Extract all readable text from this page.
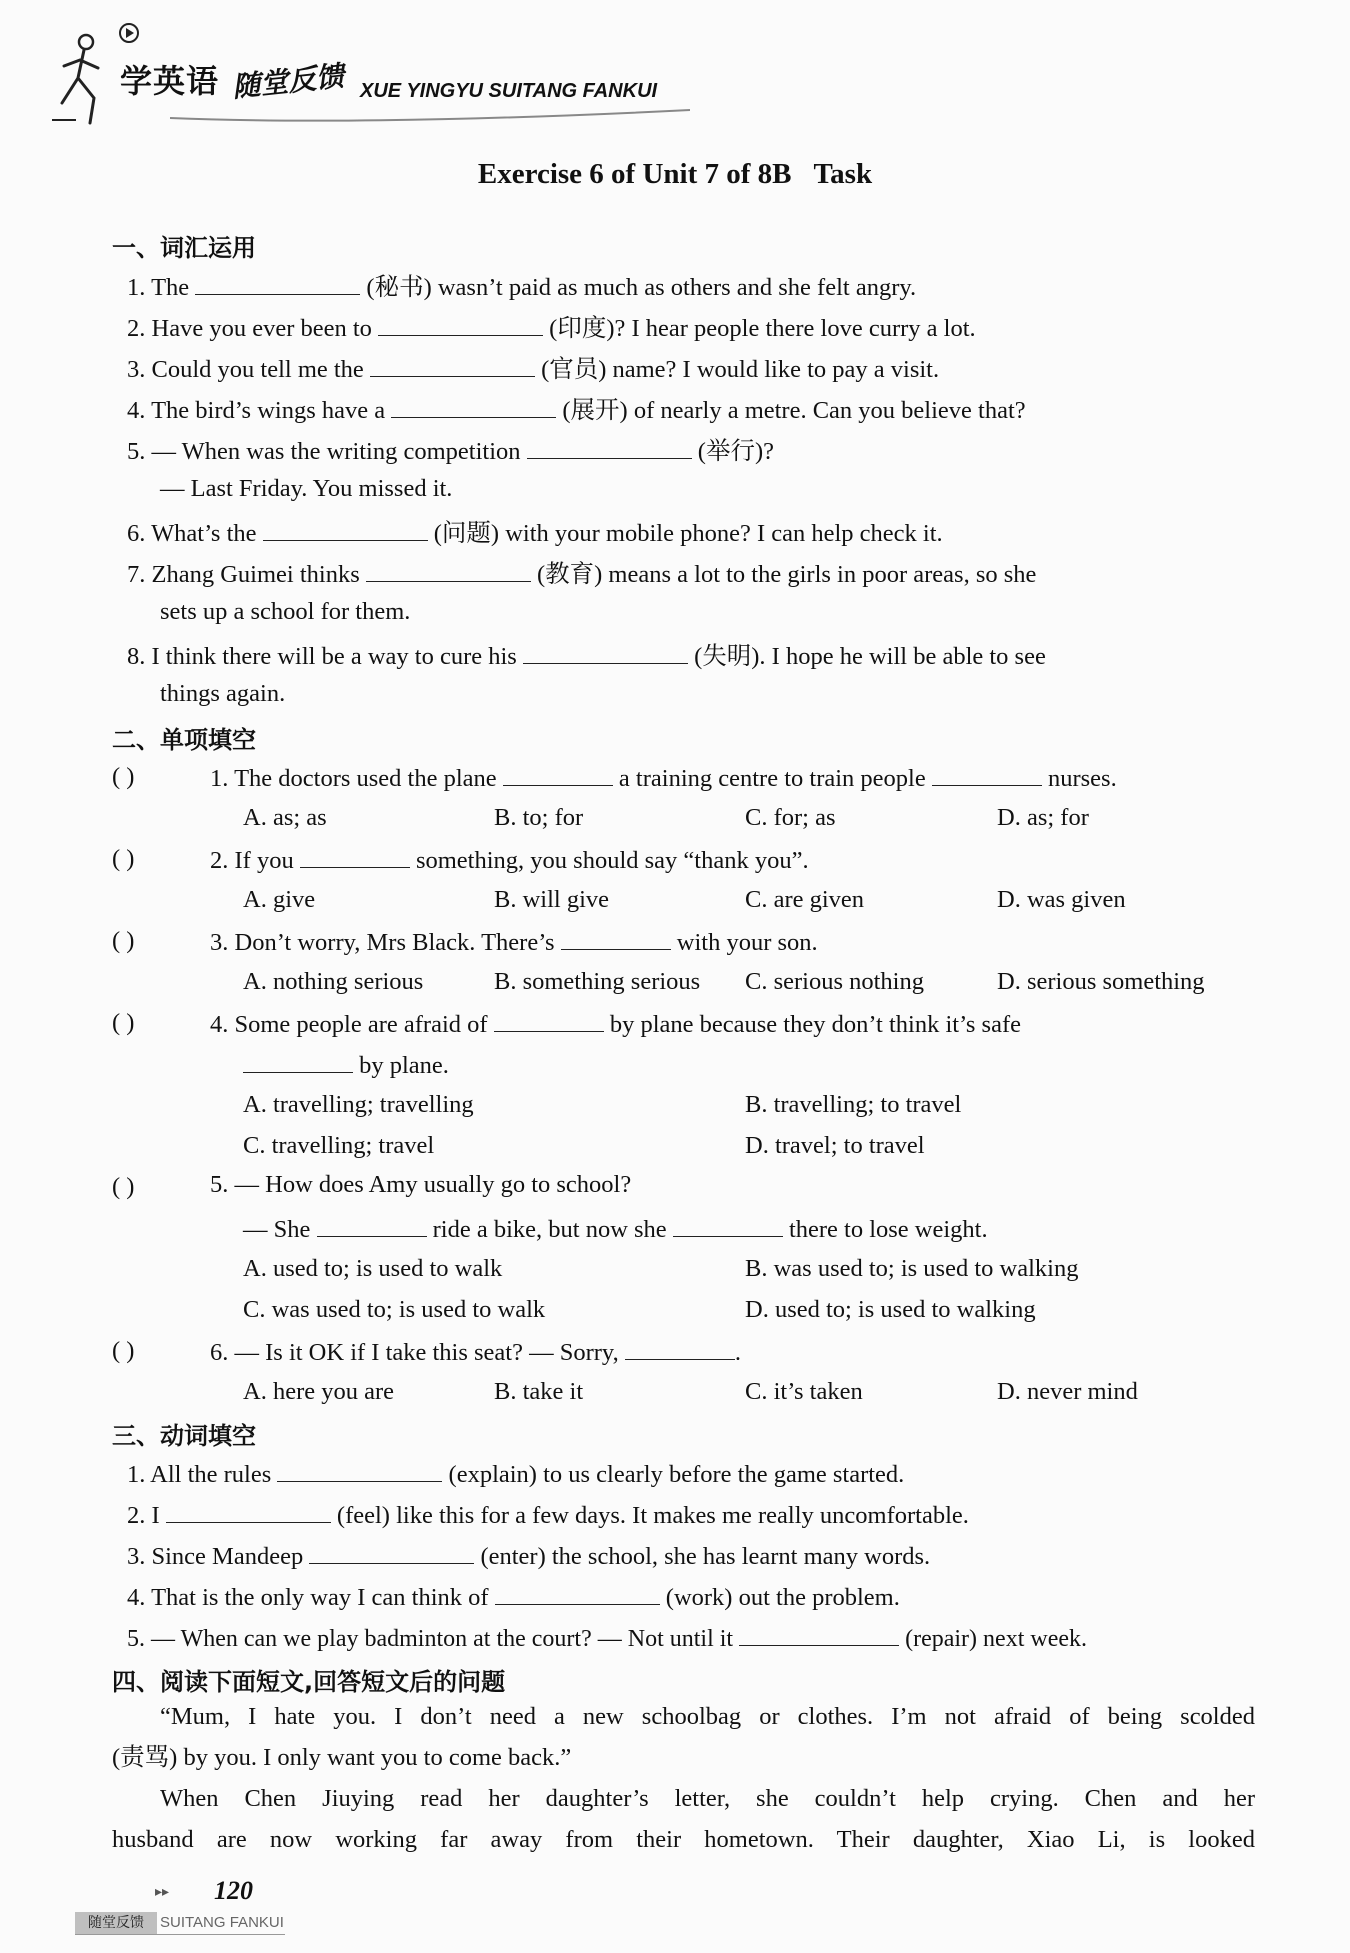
学英语 随堂反馈 XUE YINGYU SUITANG FANKUI
Exercise 6 of Unit 7 of 8B Task
一、词汇运用
1. The	(秘书) wasn’t paid as much as others and she felt angry.
2. Have you ever been to	(印度)? I hear people there love curry a lot.
3. Could you tell me the	(官员) name? I would like to pay a visit.
4. The bird’s wings have a	(展开) of nearly a metre. Can you believe that?
5. — When was the writing competition	(举行)?
— Last Friday. You missed it.
6. What’s the	(问题) with your mobile phone? I can help check it.
7. Zhang Guimei thinks	(教育) means a lot to the girls in poor areas, so she
sets up a school for them.
8. I think there will be a way to cure his	(失明). I hope he will be able to see
things again.
二、单项填空
( )	1. The doctors used the plane	a training centre to train people	nurses.
A. as; as	B. to; for	C. for; as	D. as; for
( )	2. If you	something, you should say “thank you”.
A. give	B. will give	C. are given	D. was given
( )	3. Don’t worry, Mrs Black. There’s	with your son.
A. nothing serious	B. something serious C. serious nothing	D. serious something
( )	4. Some people are afraid of	by plane because they don’t think it’s safe
by plane.
A. travelling; travelling	B. travelling; to travel
C. travelling; travel	D. travel; to travel
( )	5. — How does Amy usually go to school?
— She	ride a bike, but now she	there to lose weight.
A. used to; is used to walk	B. was used to; is used to walking
C. was used to; is used to walk	D. used to; is used to walking
( )	6. — Is it OK if I take this seat? — Sorry,	.
A. here you are	B. take it	C. it’s taken	D. never mind
三、动词填空
1. All the rules	(explain) to us clearly before the game started.
2. I	(feel) like this for a few days. It makes me really uncomfortable.
3. Since Mandeep	(enter) the school, she has learnt many words.
4. That is the only way I can think of	(work) out the problem.
5. — When can we play badminton at the court? — Not until it	(repair) next week.
四、阅读下面短文,回答短文后的问题
“Mum, I hate you. I don’t need a new schoolbag or clothes. I’m not afraid of being scolded
(责骂) by you. I only want you to come back.”
When Chen Jiuying read her daughter’s letter, she couldn’t help crying. Chen and her
husband are now working far away from their hometown. Their daughter, Xiao Li, is looked
▸▸ 120
随堂反馈	SUITANG FANKUI
